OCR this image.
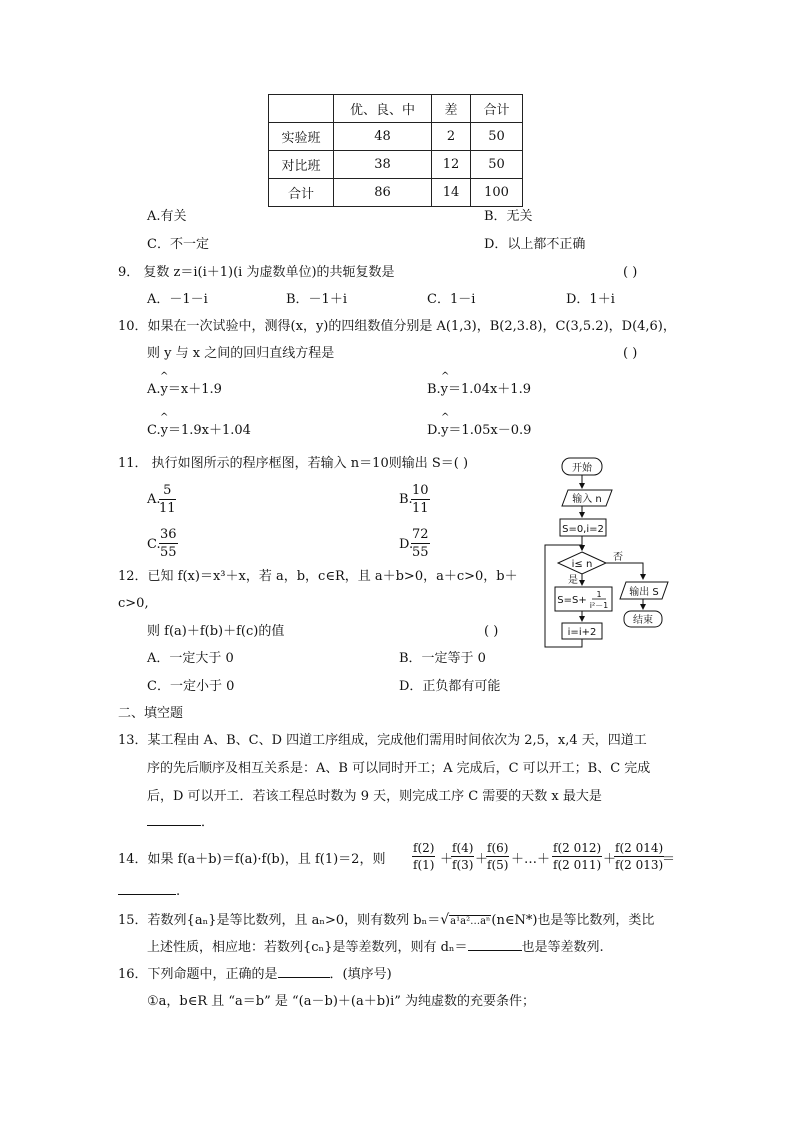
	优、良、中	差	合计
实验班	48	2	50
对比班	38	12	50
合计	86	14	100
A.有关	B．无关
C．不一定	D．以上都不正确
9． 复数 z＝i(i＋1)(i 为虚数单位)的共轭复数是	( )
A．－1－i	B．－1＋i	C．1－i	D．1＋i
10．如果在一次试验中，测得(x，y)的四组数值分别是 A(1,3)，B(2,3.8)，C(3,5.2)，D(4,6)，
则 y 与 x 之间的回归直线方程是	( )
^
A.y＝x＋1.9
^
B.y＝1.04x＋1.9
^
C.y＝1.9x＋1.04
^
D.y＝1.05x－0.9
11． 执行如图所示的程序框图，若输入 n＝10则输出 S＝( )
A.
$\frac{5}{11}$	B.
$\frac{10}{11}$
C.
$\frac{36}{55}$	D.
$\frac{72}{55}$
开始
输入 n
S=0,i=2
i≤ n
是
否
S=S+
1
i²－1
i=i+2
输出 S
结束
12．已知 f(x)＝x³＋x，若 a，b，c∈R，且 a＋b>0，a＋c>0，b＋
c>0,
则 f(a)＋f(b)＋f(c)的值	( )
A．一定大于 0	B．一定等于 0
C．一定小于 0	D．正负都有可能
二、填空题
13．某工程由 A、B、C、D 四道工序组成，完成他们需用时间依次为 2,5，x,4 天，四道工
序的先后顺序及相互关系是：A、B 可以同时开工；A 完成后，C 可以开工；B、C 完成
后，D 可以开工．若该工程总时数为 9 天，则完成工序 C 需要的天数 x 最大是
．
14．如果 f(a＋b)＝f(a)·f(b)，且 f(1)＝2，则 $\frac{f(2)}{f(1)}$ ＋
$\frac{f(4)}{f(3)}$ ＋
$\frac{f(6)}{f(5)}$ ＋…＋ $\frac{f(2 012)}{f(2 011)}$ ＋
$\frac{f(2 014)}{f(2 013)}$
＝
.
15．若数列{aₙ}是等比数列，且 aₙ>0，则有数列 bₙ＝√a¹a²…aⁿ(n∈N*)也是等比数列，类比
上述性质，相应地：若数列{cₙ}是等差数列，则有 dₙ＝	也是等差数列.
16．下列命题中，正确的是	．(填序号)
①a，b∈R 且 “a＝b” 是 “(a－b)＋(a＋b)i” 为纯虚数的充要条件；
